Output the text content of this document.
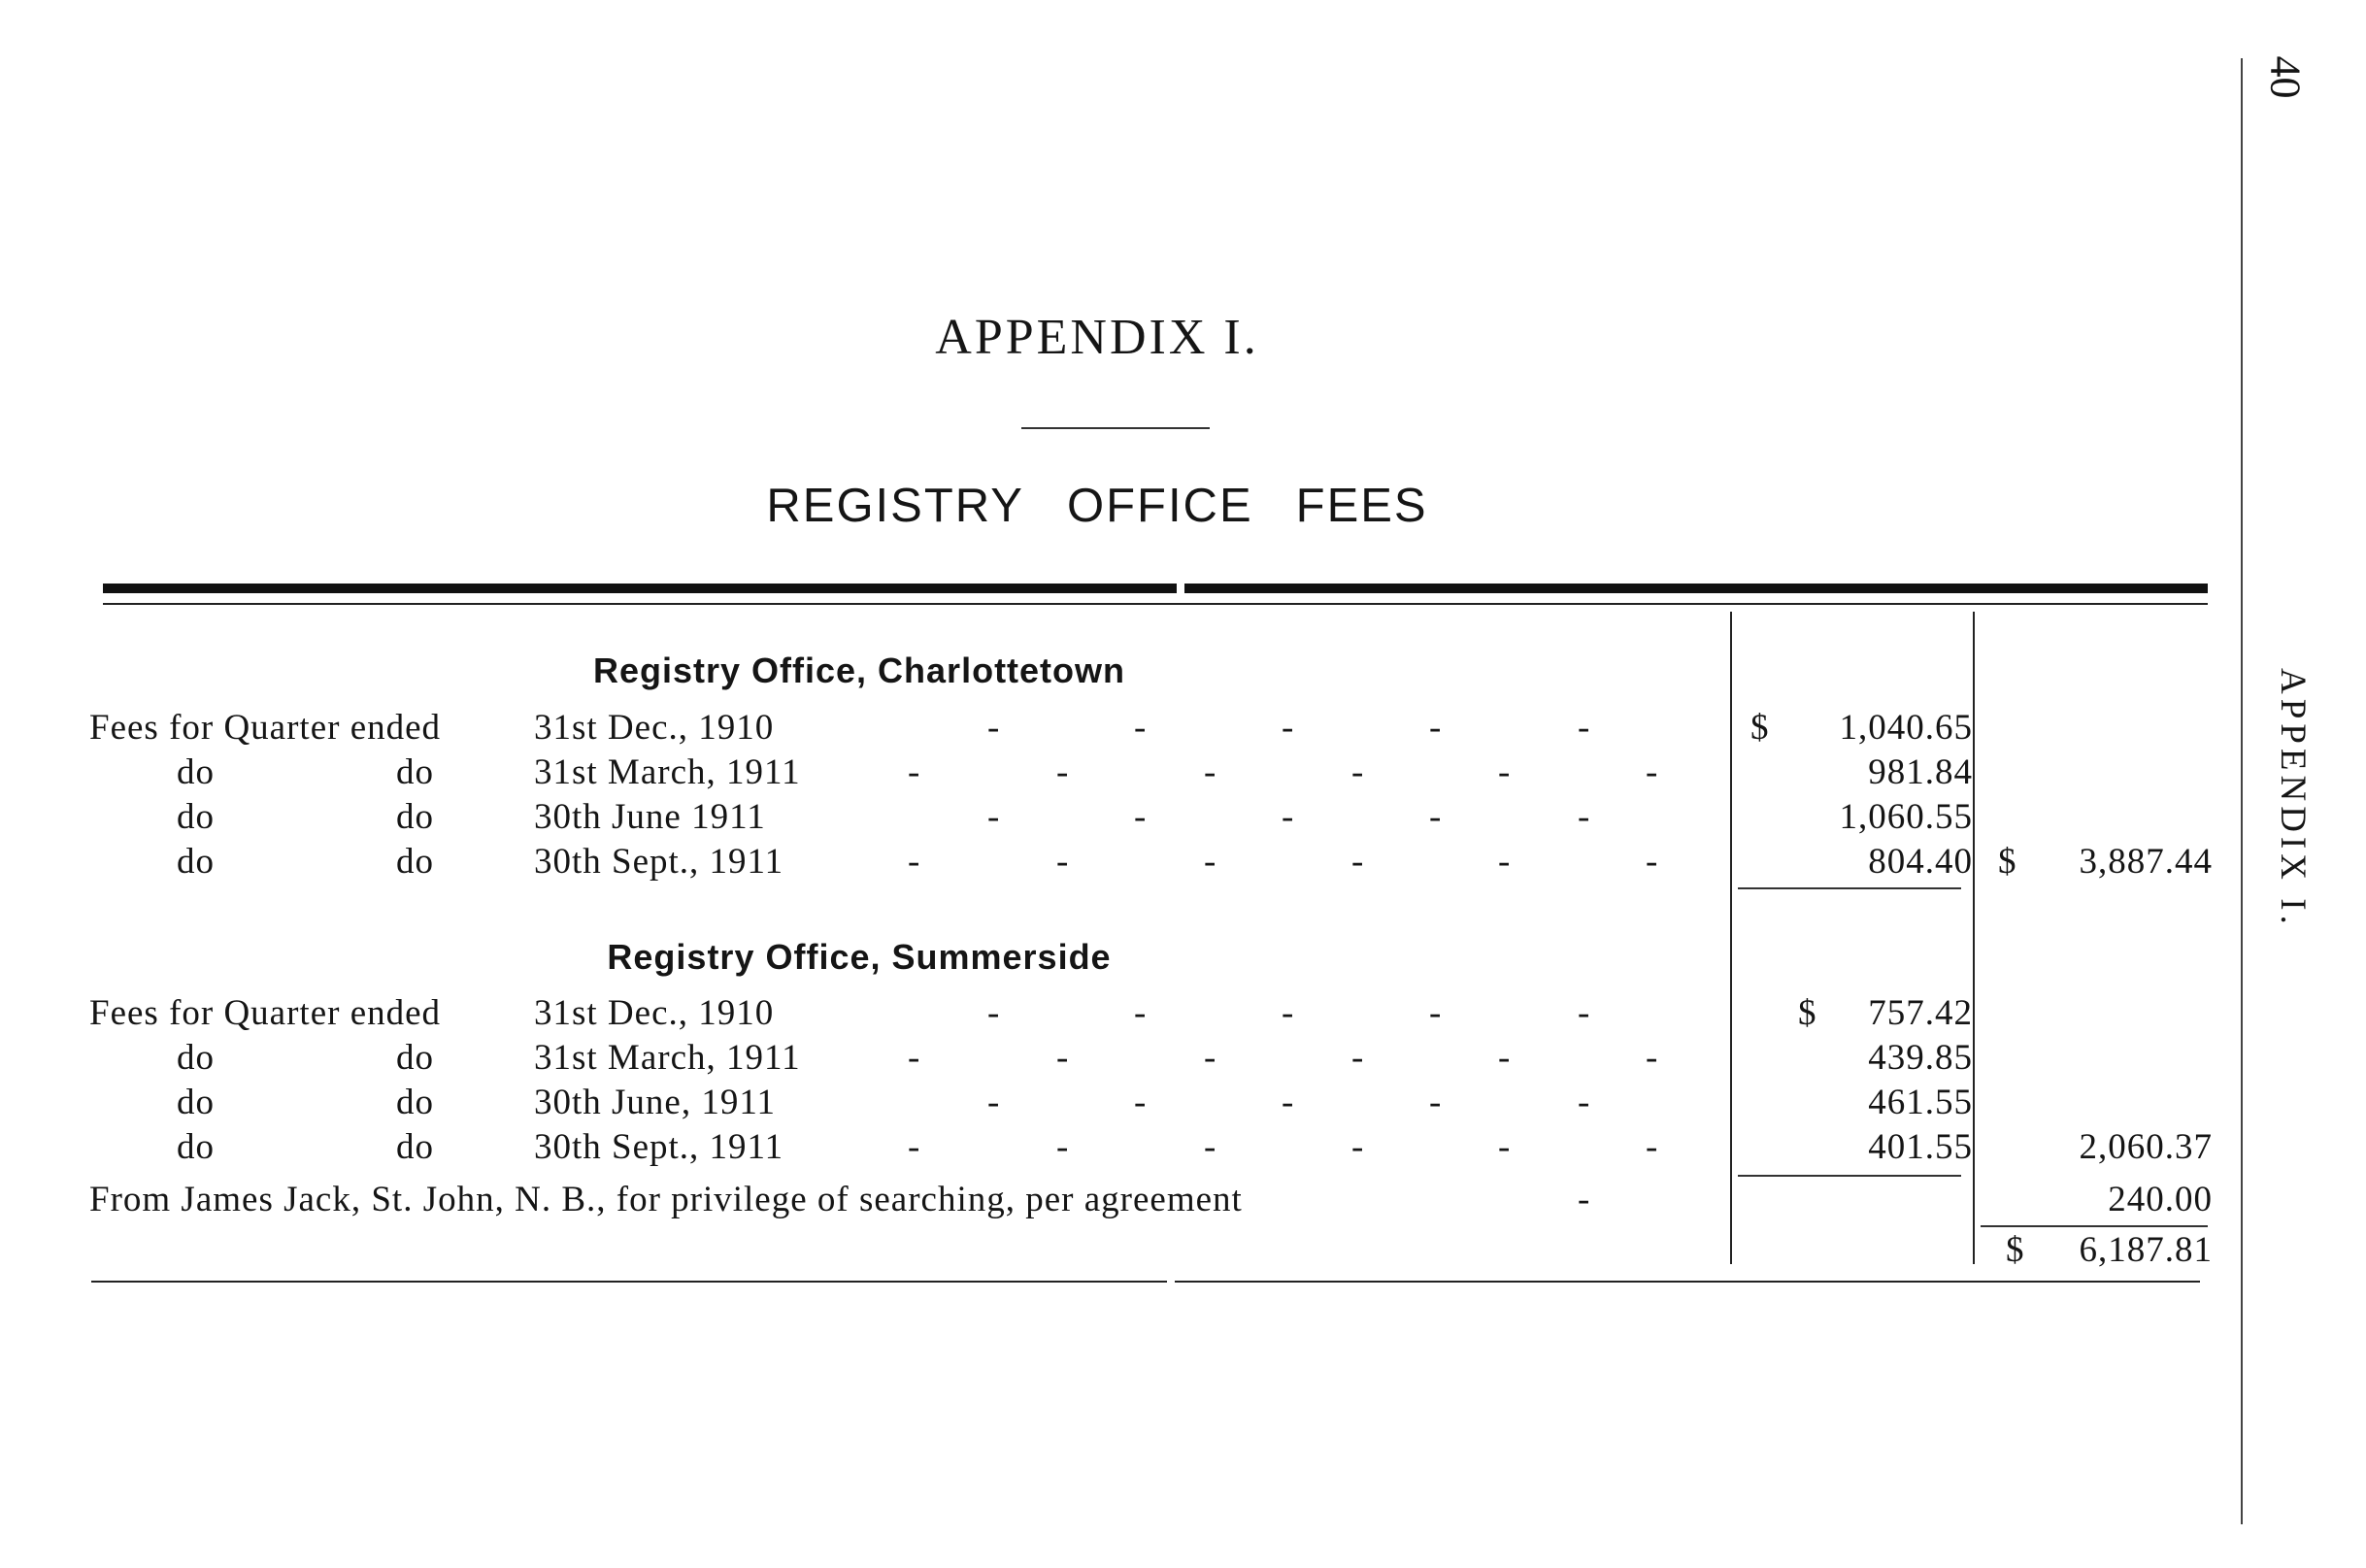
40
APPENDIX I.
APPENDIX I.
REGISTRY OFFICE FEES
Registry Office, Charlottetown
Fees for Quarter ended	31st Dec., 1910	-	-	-	-	-	$ 1,040.65
do	do	31st March, 1911	-	-	-	-	-	-	981.84
do	do	30th June 1911	-	-	-	-	-	1,060.55
do	do	30th Sept., 1911	-	-	-	-	-	-	804.40 $ 3,887.44
Registry Office, Summerside
Fees for Quarter ended	31st Dec., 1910	-	-	-	-	-	$ 757.42
do	do	31st March, 1911	-	-	-	-	-	-	439.85
do	do	30th June, 1911	-	-	-	-	-	461.55
do	do	30th Sept., 1911	-	-	-	-	-	-	401.55	2,060.37
From James Jack, St. John, N. B., for privilege of searching, per agreement	-	240.00
$ 6,187.81
